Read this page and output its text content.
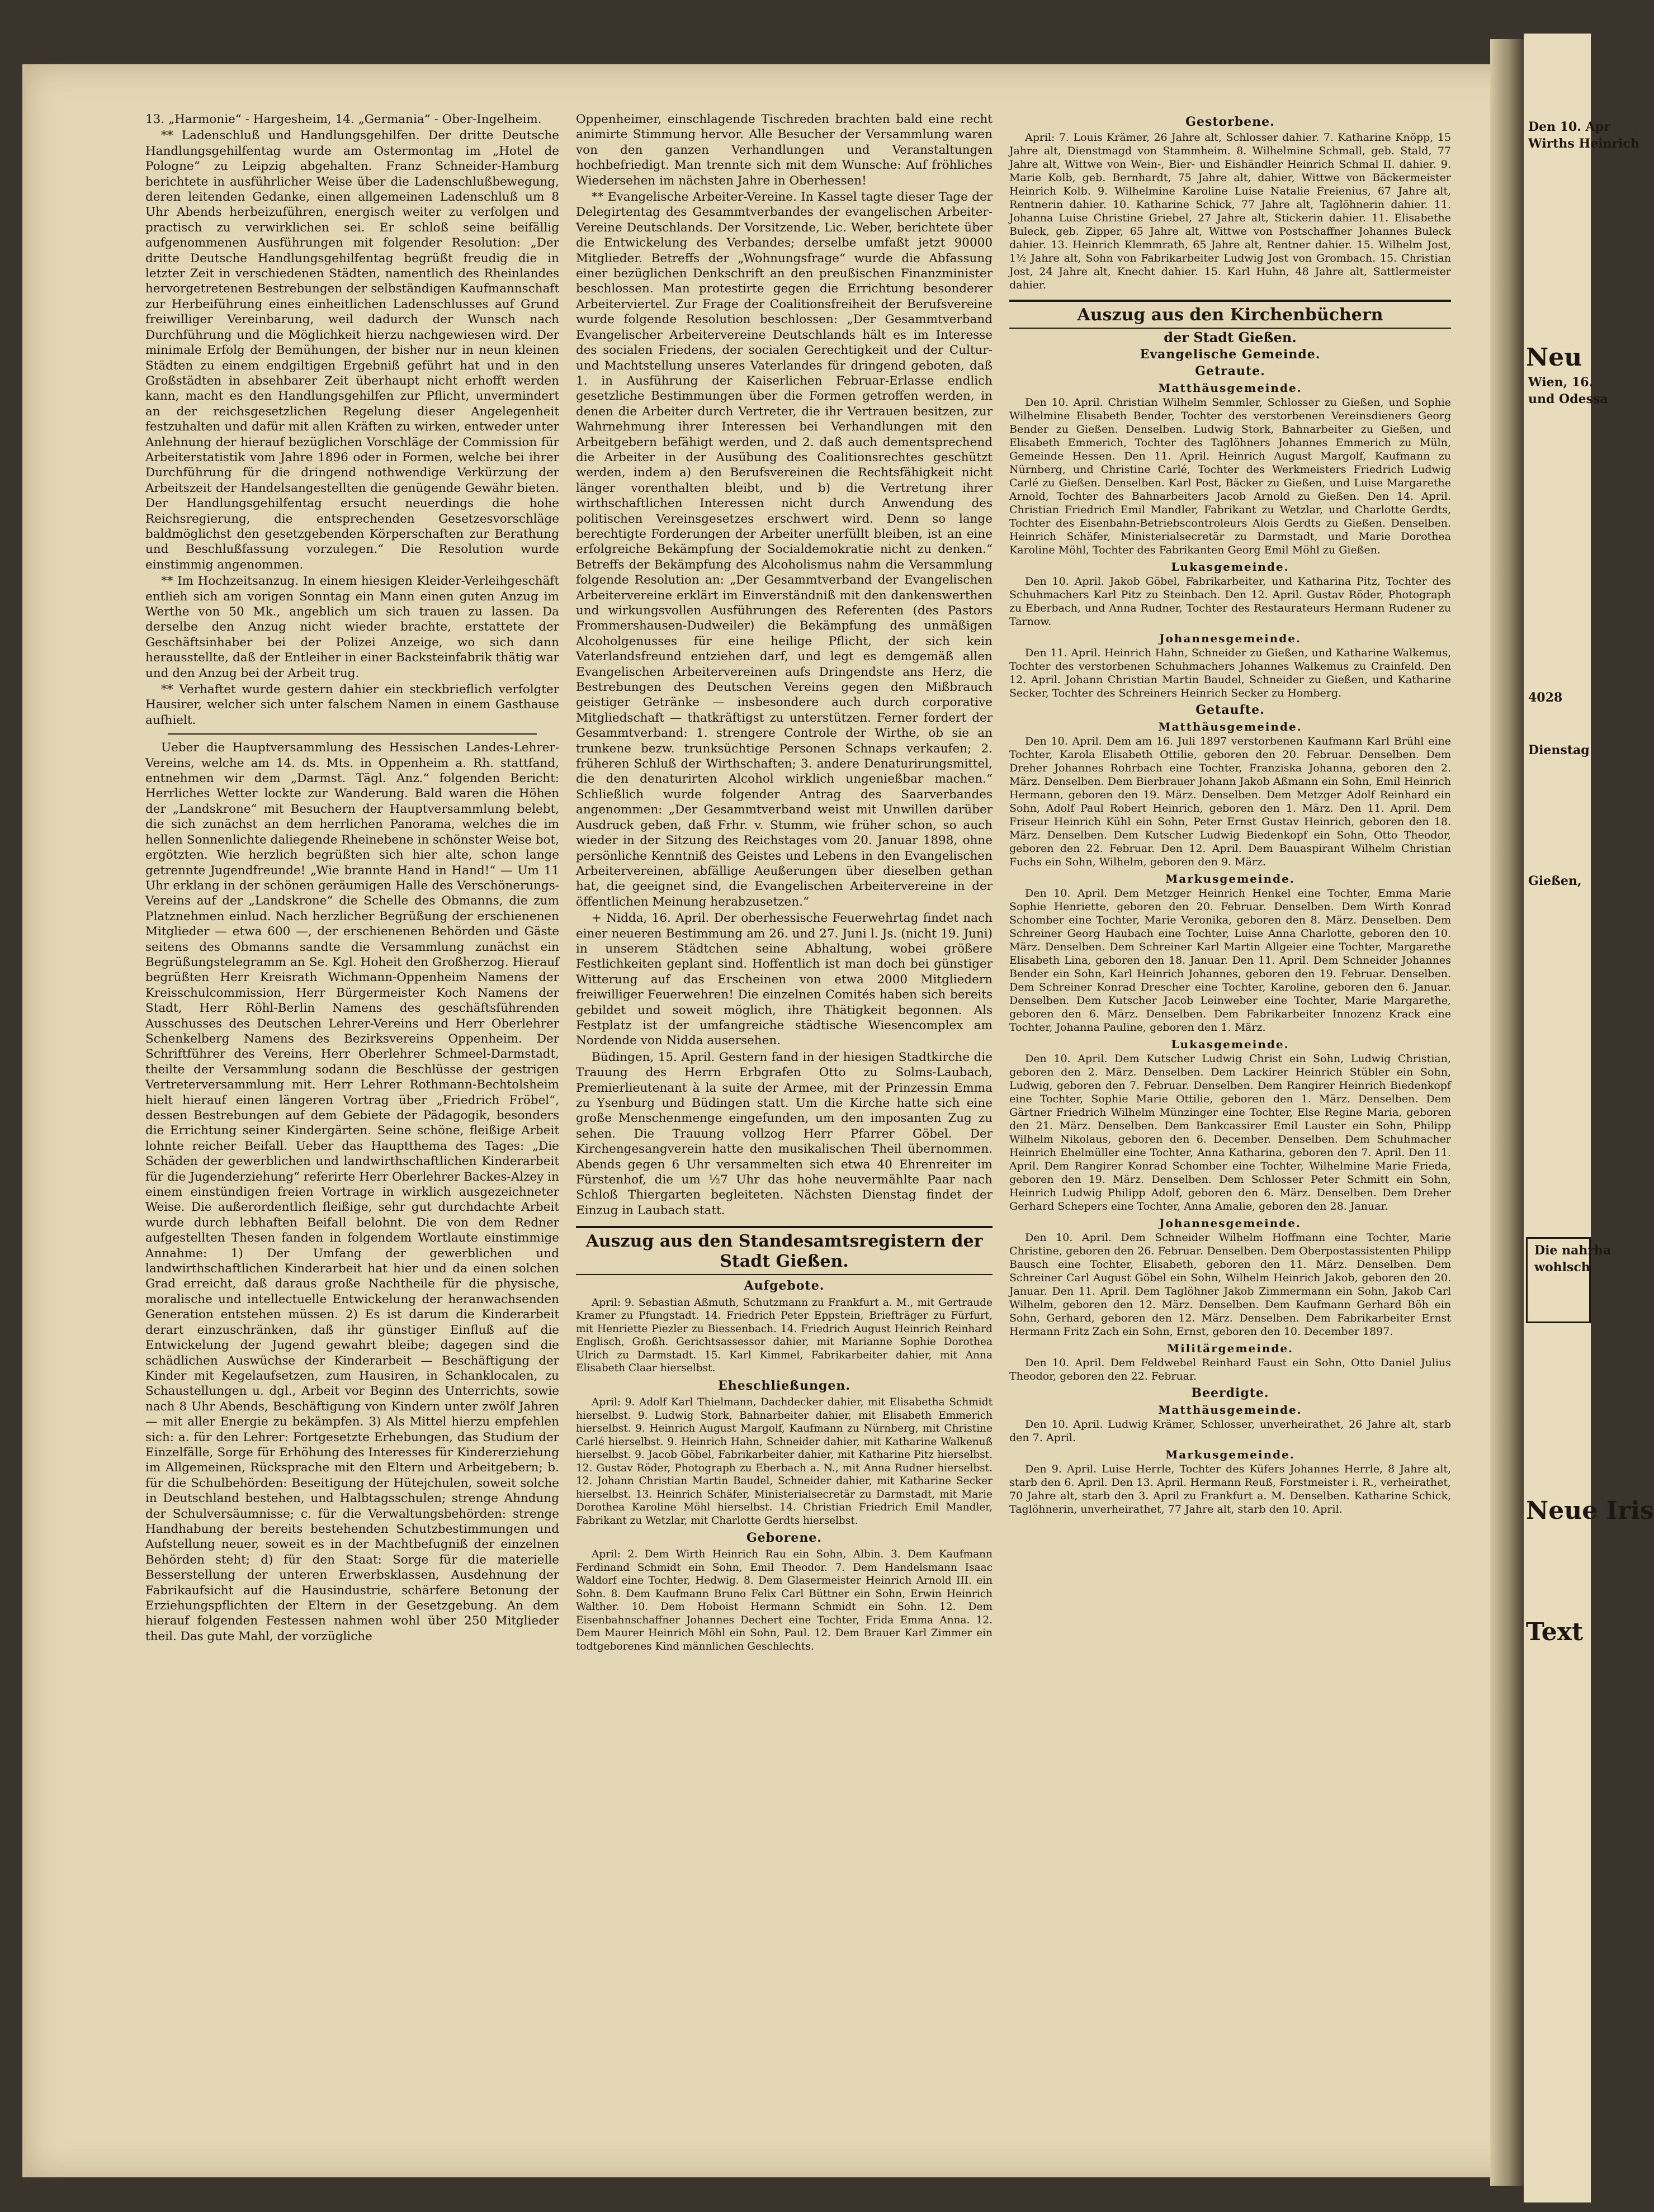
Den 10. Apr
Wirths Heinrich
Neu
Wien, 16.
und Odessa
4028
Dienstag
Gießen,
Die nahrha
wohlsch
Neue Iris
Text

13. „Harmonie“ - Hargesheim, 14. „Germania“ - Ober-Ingelheim.

** Ladenschluß und Handlungsgehilfen. Der dritte Deutsche Handlungsgehilfentag wurde am Ostermontag im „Hotel de Pologne“ zu Leipzig abgehalten. Franz Schneider-Hamburg berichtete in ausführlicher Weise über die Ladenschlußbewegung, deren leitenden Gedanke, einen allgemeinen Ladenschluß um 8 Uhr Abends herbeizuführen, energisch weiter zu verfolgen und practisch zu verwirklichen sei. Er schloß seine beifällig aufgenommenen Ausführungen mit folgender Resolution: „Der dritte Deutsche Handlungsgehilfentag begrüßt freudig die in letzter Zeit in verschiedenen Städten, namentlich des Rheinlandes hervorgetretenen Bestrebungen der selbständigen Kaufmannschaft zur Herbeiführung eines einheitlichen Ladenschlusses auf Grund freiwilliger Vereinbarung, weil dadurch der Wunsch nach Durchführung und die Möglichkeit hierzu nachgewiesen wird. Der minimale Erfolg der Bemühungen, der bisher nur in neun kleinen Städten zu einem endgiltigen Ergebniß geführt hat und in den Großstädten in absehbarer Zeit überhaupt nicht erhofft werden kann, macht es den Handlungsgehilfen zur Pflicht, unvermindert an der reichsgesetzlichen Regelung dieser Angelegenheit festzuhalten und dafür mit allen Kräften zu wirken, entweder unter Anlehnung der hierauf bezüglichen Vorschläge der Commission für Arbeiterstatistik vom Jahre 1896 oder in Formen, welche bei ihrer Durchführung für die dringend nothwendige Verkürzung der Arbeitszeit der Handelsangestellten die genügende Gewähr bieten. Der Handlungsgehilfentag ersucht neuerdings die hohe Reichsregierung, die entsprechenden Gesetzesvorschläge baldmöglichst den gesetzgebenden Körperschaften zur Berathung und Beschlußfassung vorzulegen.“ Die Resolution wurde einstimmig angenommen.

** Im Hochzeitsanzug. In einem hiesigen Kleider-Verleihgeschäft entlieh sich am vorigen Sonntag ein Mann einen guten Anzug im Werthe von 50 Mk., angeblich um sich trauen zu lassen. Da derselbe den Anzug nicht wieder brachte, erstattete der Geschäftsinhaber bei der Polizei Anzeige, wo sich dann herausstellte, daß der Entleiher in einer Backsteinfabrik thätig war und den Anzug bei der Arbeit trug.

** Verhaftet wurde gestern dahier ein steckbrieflich verfolgter Hausirer, welcher sich unter falschem Namen in einem Gasthause aufhielt.

Ueber die Hauptversammlung des Hessischen Landes-Lehrer-Vereins, welche am 14. ds. Mts. in Oppenheim a. Rh. stattfand, entnehmen wir dem „Darmst. Tägl. Anz.“ folgenden Bericht: Herrliches Wetter lockte zur Wanderung. Bald waren die Höhen der „Landskrone“ mit Besuchern der Hauptversammlung belebt, die sich zunächst an dem herrlichen Panorama, welches die im hellen Sonnenlichte daliegende Rheinebene in schönster Weise bot, ergötzten. Wie herzlich begrüßten sich hier alte, schon lange getrennte Jugendfreunde! „Wie brannte Hand in Hand!“ — Um 11 Uhr erklang in der schönen geräumigen Halle des Verschönerungs-Vereins auf der „Landskrone“ die Schelle des Obmanns, die zum Platznehmen einlud. Nach herzlicher Begrüßung der erschienenen Mitglieder — etwa 600 —, der erschienenen Behörden und Gäste seitens des Obmanns sandte die Versammlung zunächst ein Begrüßungstelegramm an Se. Kgl. Hoheit den Großherzog. Hierauf begrüßten Herr Kreisrath Wichmann-Oppenheim Namens der Kreisschulcommission, Herr Bürgermeister Koch Namens der Stadt, Herr Röhl-Berlin Namens des geschäftsführenden Ausschusses des Deutschen Lehrer-Vereins und Herr Oberlehrer Schenkelberg Namens des Bezirksvereins Oppenheim. Der Schriftführer des Vereins, Herr Oberlehrer Schmeel-Darmstadt, theilte der Versammlung sodann die Beschlüsse der gestrigen Vertreterversammlung mit. Herr Lehrer Rothmann-Bechtolsheim hielt hierauf einen längeren Vortrag über „Friedrich Fröbel“, dessen Bestrebungen auf dem Gebiete der Pädagogik, besonders die Errichtung seiner Kindergärten. Seine schöne, fleißige Arbeit lohnte reicher Beifall. Ueber das Hauptthema des Tages: „Die Schäden der gewerblichen und landwirthschaftlichen Kinderarbeit für die Jugenderziehung“ referirte Herr Oberlehrer Backes-Alzey in einem einstündigen freien Vortrage in wirklich ausgezeichneter Weise. Die außerordentlich fleißige, sehr gut durchdachte Arbeit wurde durch lebhaften Beifall belohnt. Die von dem Redner aufgestellten Thesen fanden in folgendem Wortlaute einstimmige Annahme: 1) Der Umfang der gewerblichen und landwirthschaftlichen Kinderarbeit hat hier und da einen solchen Grad erreicht, daß daraus große Nachtheile für die physische, moralische und intellectuelle Entwickelung der heranwachsenden Generation entstehen müssen. 2) Es ist darum die Kinderarbeit derart einzuschränken, daß ihr günstiger Einfluß auf die Entwickelung der Jugend gewahrt bleibe; dagegen sind die schädlichen Auswüchse der Kinderarbeit — Beschäftigung der Kinder mit Kegelaufsetzen, zum Hausiren, in Schanklocalen, zu Schaustellungen u. dgl., Arbeit vor Beginn des Unterrichts, sowie nach 8 Uhr Abends, Beschäftigung von Kindern unter zwölf Jahren — mit aller Energie zu bekämpfen. 3) Als Mittel hierzu empfehlen sich: a. für den Lehrer: Fortgesetzte Erhebungen, das Studium der Einzelfälle, Sorge für Erhöhung des Interesses für Kindererziehung im Allgemeinen, Rücksprache mit den Eltern und Arbeitgebern; b. für die Schulbehörden: Beseitigung der Hütejchulen, soweit solche in Deutschland bestehen, und Halbtagsschulen; strenge Ahndung der Schulversäumnisse; c. für die Verwaltungsbehörden: strenge Handhabung der bereits bestehenden Schutzbestimmungen und Aufstellung neuer, soweit es in der Machtbefugniß der einzelnen Behörden steht; d) für den Staat: Sorge für die materielle Besserstellung der unteren Erwerbsklassen, Ausdehnung der Fabrikaufsicht auf die Hausindustrie, schärfere Betonung der Erziehungspflichten der Eltern in der Gesetzgebung. An dem hierauf folgenden Festessen nahmen wohl über 250 Mitglieder theil. Das gute Mahl, der vorzügliche

Oppenheimer, einschlagende Tischreden brachten bald eine recht animirte Stimmung hervor. Alle Besucher der Versammlung waren von den ganzen Verhandlungen und Veranstaltungen hochbefriedigt. Man trennte sich mit dem Wunsche: Auf fröhliches Wiedersehen im nächsten Jahre in Oberhessen!

** Evangelische Arbeiter-Vereine. In Kassel tagte dieser Tage der Delegirtentag des Gesammtverbandes der evangelischen Arbeiter-Vereine Deutschlands. Der Vorsitzende, Lic. Weber, berichtete über die Entwickelung des Verbandes; derselbe umfaßt jetzt 90000 Mitglieder. Betreffs der „Wohnungsfrage“ wurde die Abfassung einer bezüglichen Denkschrift an den preußischen Finanzminister beschlossen. Man protestirte gegen die Errichtung besonderer Arbeiterviertel. Zur Frage der Coalitionsfreiheit der Berufsvereine wurde folgende Resolution beschlossen: „Der Gesammtverband Evangelischer Arbeitervereine Deutschlands hält es im Interesse des socialen Friedens, der socialen Gerechtigkeit und der Cultur- und Machtstellung unseres Vaterlandes für dringend geboten, daß 1. in Ausführung der Kaiserlichen Februar-Erlasse endlich gesetzliche Bestimmungen über die Formen getroffen werden, in denen die Arbeiter durch Vertreter, die ihr Vertrauen besitzen, zur Wahrnehmung ihrer Interessen bei Verhandlungen mit den Arbeitgebern befähigt werden, und 2. daß auch dementsprechend die Arbeiter in der Ausübung des Coalitionsrechtes geschützt werden, indem a) den Berufsvereinen die Rechtsfähigkeit nicht länger vorenthalten bleibt, und b) die Vertretung ihrer wirthschaftlichen Interessen nicht durch Anwendung des politischen Vereinsgesetzes erschwert wird. Denn so lange berechtigte Forderungen der Arbeiter unerfüllt bleiben, ist an eine erfolgreiche Bekämpfung der Socialdemokratie nicht zu denken.“ Betreffs der Bekämpfung des Alcoholismus nahm die Versammlung folgende Resolution an: „Der Gesammtverband der Evangelischen Arbeitervereine erklärt im Einverständniß mit den dankenswerthen und wirkungsvollen Ausführungen des Referenten (des Pastors Frommershausen-Dudweiler) die Bekämpfung des unmäßigen Alcoholgenusses für eine heilige Pflicht, der sich kein Vaterlandsfreund entziehen darf, und legt es demgemäß allen Evangelischen Arbeitervereinen aufs Dringendste ans Herz, die Bestrebungen des Deutschen Vereins gegen den Mißbrauch geistiger Getränke — insbesondere auch durch corporative Mitgliedschaft — thatkräftigst zu unterstützen. Ferner fordert der Gesammtverband: 1. strengere Controle der Wirthe, ob sie an trunkene bezw. trunksüchtige Personen Schnaps verkaufen; 2. früheren Schluß der Wirthschaften; 3. andere Denaturirungsmittel, die den denaturirten Alcohol wirklich ungenießbar machen.“ Schließlich wurde folgender Antrag des Saarverbandes angenommen: „Der Gesammtverband weist mit Unwillen darüber Ausdruck geben, daß Frhr. v. Stumm, wie früher schon, so auch wieder in der Sitzung des Reichstages vom 20. Januar 1898, ohne persönliche Kenntniß des Geistes und Lebens in den Evangelischen Arbeitervereinen, abfällige Aeußerungen über dieselben gethan hat, die geeignet sind, die Evangelischen Arbeitervereine in der öffentlichen Meinung herabzusetzen.“

+ Nidda, 16. April. Der oberhessische Feuerwehrtag findet nach einer neueren Bestimmung am 26. und 27. Juni l. Js. (nicht 19. Juni) in unserem Städtchen seine Abhaltung, wobei größere Festlichkeiten geplant sind. Hoffentlich ist man doch bei günstiger Witterung auf das Erscheinen von etwa 2000 Mitgliedern freiwilliger Feuerwehren! Die einzelnen Comités haben sich bereits gebildet und soweit möglich, ihre Thätigkeit begonnen. Als Festplatz ist der umfangreiche städtische Wiesencomplex am Nordende von Nidda ausersehen.

Büdingen, 15. April. Gestern fand in der hiesigen Stadtkirche die Trauung des Herrn Erbgrafen Otto zu Solms-Laubach, Premierlieutenant à la suite der Armee, mit der Prinzessin Emma zu Ysenburg und Büdingen statt. Um die Kirche hatte sich eine große Menschenmenge eingefunden, um den imposanten Zug zu sehen. Die Trauung vollzog Herr Pfarrer Göbel. Der Kirchengesangverein hatte den musikalischen Theil übernommen. Abends gegen 6 Uhr versammelten sich etwa 40 Ehrenreiter im Fürstenhof, die um ½7 Uhr das hohe neuvermählte Paar nach Schloß Thiergarten begleiteten. Nächsten Dienstag findet der Einzug in Laubach statt.

Auszug aus den Standesamtsregistern der Stadt Gießen.
Aufgebote.

April: 9. Sebastian Aßmuth, Schutzmann zu Frankfurt a. M., mit Gertraude Kramer zu Pfungstadt. 14. Friedrich Peter Eppstein, Briefträger zu Fürfurt, mit Henriette Piezler zu Biessenbach. 14. Friedrich August Heinrich Reinhard Englisch, Großh. Gerichtsassessor dahier, mit Marianne Sophie Dorothea Ulrich zu Darmstadt. 15. Karl Kimmel, Fabrikarbeiter dahier, mit Anna Elisabeth Claar hierselbst.

Eheschließungen.

April: 9. Adolf Karl Thielmann, Dachdecker dahier, mit Elisabetha Schmidt hierselbst. 9. Ludwig Stork, Bahnarbeiter dahier, mit Elisabeth Emmerich hierselbst. 9. Heinrich August Margolf, Kaufmann zu Nürnberg, mit Christine Carlé hierselbst. 9. Heinrich Hahn, Schneider dahier, mit Katharine Walkenuß hierselbst. 9. Jacob Göbel, Fabrikarbeiter dahier, mit Katharine Pitz hierselbst. 12. Gustav Röder, Photograph zu Eberbach a. N., mit Anna Rudner hierselbst. 12. Johann Christian Martin Baudel, Schneider dahier, mit Katharine Secker hierselbst. 13. Heinrich Schäfer, Ministerialsecretär zu Darmstadt, mit Marie Dorothea Karoline Möhl hierselbst. 14. Christian Friedrich Emil Mandler, Fabrikant zu Wetzlar, mit Charlotte Gerdts hierselbst.

Geborene.

April: 2. Dem Wirth Heinrich Rau ein Sohn, Albin. 3. Dem Kaufmann Ferdinand Schmidt ein Sohn, Emil Theodor. 7. Dem Handelsmann Isaac Waldorf eine Tochter, Hedwig. 8. Dem Glasermeister Heinrich Arnold III. ein Sohn. 8. Dem Kaufmann Bruno Felix Carl Büttner ein Sohn, Erwin Heinrich Walther. 10. Dem Hoboist Hermann Schmidt ein Sohn. 12. Dem Eisenbahnschaffner Johannes Dechert eine Tochter, Frida Emma Anna. 12. Dem Maurer Heinrich Möhl ein Sohn, Paul. 12. Dem Brauer Karl Zimmer ein todtgeborenes Kind männlichen Geschlechts.

Gestorbene.

April: 7. Louis Krämer, 26 Jahre alt, Schlosser dahier. 7. Katharine Knöpp, 15 Jahre alt, Dienstmagd von Stammheim. 8. Wilhelmine Schmall, geb. Stald, 77 Jahre alt, Wittwe von Wein-, Bier- und Eishändler Heinrich Schmal II. dahier. 9. Marie Kolb, geb. Bernhardt, 75 Jahre alt, dahier, Wittwe von Bäckermeister Heinrich Kolb. 9. Wilhelmine Karoline Luise Natalie Freienius, 67 Jahre alt, Rentnerin dahier. 10. Katharine Schick, 77 Jahre alt, Taglöhnerin dahier. 11. Johanna Luise Christine Griebel, 27 Jahre alt, Stickerin dahier. 11. Elisabethe Buleck, geb. Zipper, 65 Jahre alt, Wittwe von Postschaffner Johannes Buleck dahier. 13. Heinrich Klemmrath, 65 Jahre alt, Rentner dahier. 15. Wilhelm Jost, 1½ Jahre alt, Sohn von Fabrikarbeiter Ludwig Jost von Grombach. 15. Christian Jost, 24 Jahre alt, Knecht dahier. 15. Karl Huhn, 48 Jahre alt, Sattlermeister dahier.

Auszug aus den Kirchenbüchern
der Stadt Gießen.
Evangelische Gemeinde.
Getraute.
Matthäusgemeinde.

Den 10. April. Christian Wilhelm Semmler, Schlosser zu Gießen, und Sophie Wilhelmine Elisabeth Bender, Tochter des verstorbenen Vereinsdieners Georg Bender zu Gießen. Denselben. Ludwig Stork, Bahnarbeiter zu Gießen, und Elisabeth Emmerich, Tochter des Taglöhners Johannes Emmerich zu Müln, Gemeinde Hessen. Den 11. April. Heinrich August Margolf, Kaufmann zu Nürnberg, und Christine Carlé, Tochter des Werkmeisters Friedrich Ludwig Carlé zu Gießen. Denselben. Karl Post, Bäcker zu Gießen, und Luise Margarethe Arnold, Tochter des Bahnarbeiters Jacob Arnold zu Gießen. Den 14. April. Christian Friedrich Emil Mandler, Fabrikant zu Wetzlar, und Charlotte Gerdts, Tochter des Eisenbahn-Betriebscontroleurs Alois Gerdts zu Gießen. Denselben. Heinrich Schäfer, Ministerialsecretär zu Darmstadt, und Marie Dorothea Karoline Möhl, Tochter des Fabrikanten Georg Emil Möhl zu Gießen.

Lukasgemeinde.

Den 10. April. Jakob Göbel, Fabrikarbeiter, und Katharina Pitz, Tochter des Schuhmachers Karl Pitz zu Steinbach. Den 12. April. Gustav Röder, Photograph zu Eberbach, und Anna Rudner, Tochter des Restaurateurs Hermann Rudener zu Tarnow.

Johannesgemeinde.

Den 11. April. Heinrich Hahn, Schneider zu Gießen, und Katharine Walkemus, Tochter des verstorbenen Schuhmachers Johannes Walkemus zu Crainfeld. Den 12. April. Johann Christian Martin Baudel, Schneider zu Gießen, und Katharine Secker, Tochter des Schreiners Heinrich Secker zu Homberg.

Getaufte.
Matthäusgemeinde.

Den 10. April. Dem am 16. Juli 1897 verstorbenen Kaufmann Karl Brühl eine Tochter, Karola Elisabeth Ottilie, geboren den 20. Februar. Denselben. Dem Dreher Johannes Rohrbach eine Tochter, Franziska Johanna, geboren den 2. März. Denselben. Dem Bierbrauer Johann Jakob Aßmann ein Sohn, Emil Heinrich Hermann, geboren den 19. März. Denselben. Dem Metzger Adolf Reinhard ein Sohn, Adolf Paul Robert Heinrich, geboren den 1. März. Den 11. April. Dem Friseur Heinrich Kühl ein Sohn, Peter Ernst Gustav Heinrich, geboren den 18. März. Denselben. Dem Kutscher Ludwig Biedenkopf ein Sohn, Otto Theodor, geboren den 22. Februar. Den 12. April. Dem Bauaspirant Wilhelm Christian Fuchs ein Sohn, Wilhelm, geboren den 9. März.

Markusgemeinde.

Den 10. April. Dem Metzger Heinrich Henkel eine Tochter, Emma Marie Sophie Henriette, geboren den 20. Februar. Denselben. Dem Wirth Konrad Schomber eine Tochter, Marie Veronika, geboren den 8. März. Denselben. Dem Schreiner Georg Haubach eine Tochter, Luise Anna Charlotte, geboren den 10. März. Denselben. Dem Schreiner Karl Martin Allgeier eine Tochter, Margarethe Elisabeth Lina, geboren den 18. Januar. Den 11. April. Dem Schneider Johannes Bender ein Sohn, Karl Heinrich Johannes, geboren den 19. Februar. Denselben. Dem Schreiner Konrad Drescher eine Tochter, Karoline, geboren den 6. Januar. Denselben. Dem Kutscher Jacob Leinweber eine Tochter, Marie Margarethe, geboren den 6. März. Denselben. Dem Fabrikarbeiter Innozenz Krack eine Tochter, Johanna Pauline, geboren den 1. März.

Lukasgemeinde.

Den 10. April. Dem Kutscher Ludwig Christ ein Sohn, Ludwig Christian, geboren den 2. März. Denselben. Dem Lackirer Heinrich Stübler ein Sohn, Ludwig, geboren den 7. Februar. Denselben. Dem Rangirer Heinrich Biedenkopf eine Tochter, Sophie Marie Ottilie, geboren den 1. März. Denselben. Dem Gärtner Friedrich Wilhelm Münzinger eine Tochter, Else Regine Maria, geboren den 21. März. Denselben. Dem Bankcassirer Emil Lauster ein Sohn, Philipp Wilhelm Nikolaus, geboren den 6. December. Denselben. Dem Schuhmacher Heinrich Ehelmüller eine Tochter, Anna Katharina, geboren den 7. April. Den 11. April. Dem Rangirer Konrad Schomber eine Tochter, Wilhelmine Marie Frieda, geboren den 19. März. Denselben. Dem Schlosser Peter Schmitt ein Sohn, Heinrich Ludwig Philipp Adolf, geboren den 6. März. Denselben. Dem Dreher Gerhard Schepers eine Tochter, Anna Amalie, geboren den 28. Januar.

Johannesgemeinde.

Den 10. April. Dem Schneider Wilhelm Hoffmann eine Tochter, Marie Christine, geboren den 26. Februar. Denselben. Dem Oberpostassistenten Philipp Bausch eine Tochter, Elisabeth, geboren den 11. März. Denselben. Dem Schreiner Carl August Göbel ein Sohn, Wilhelm Heinrich Jakob, geboren den 20. Januar. Den 11. April. Dem Taglöhner Jakob Zimmermann ein Sohn, Jakob Carl Wilhelm, geboren den 12. März. Denselben. Dem Kaufmann Gerhard Böh ein Sohn, Gerhard, geboren den 12. März. Denselben. Dem Fabrikarbeiter Ernst Hermann Fritz Zach ein Sohn, Ernst, geboren den 10. December 1897.

Militärgemeinde.

Den 10. April. Dem Feldwebel Reinhard Faust ein Sohn, Otto Daniel Julius Theodor, geboren den 22. Februar.

Beerdigte.
Matthäusgemeinde.

Den 10. April. Ludwig Krämer, Schlosser, unverheirathet, 26 Jahre alt, starb den 7. April.

Markusgemeinde.

Den 9. April. Luise Herrle, Tochter des Küfers Johannes Herrle, 8 Jahre alt, starb den 6. April. Den 13. April. Hermann Reuß, Forstmeister i. R., verheirathet, 70 Jahre alt, starb den 3. April zu Frankfurt a. M. Denselben. Katharine Schick, Taglöhnerin, unverheirathet, 77 Jahre alt, starb den 10. April.
